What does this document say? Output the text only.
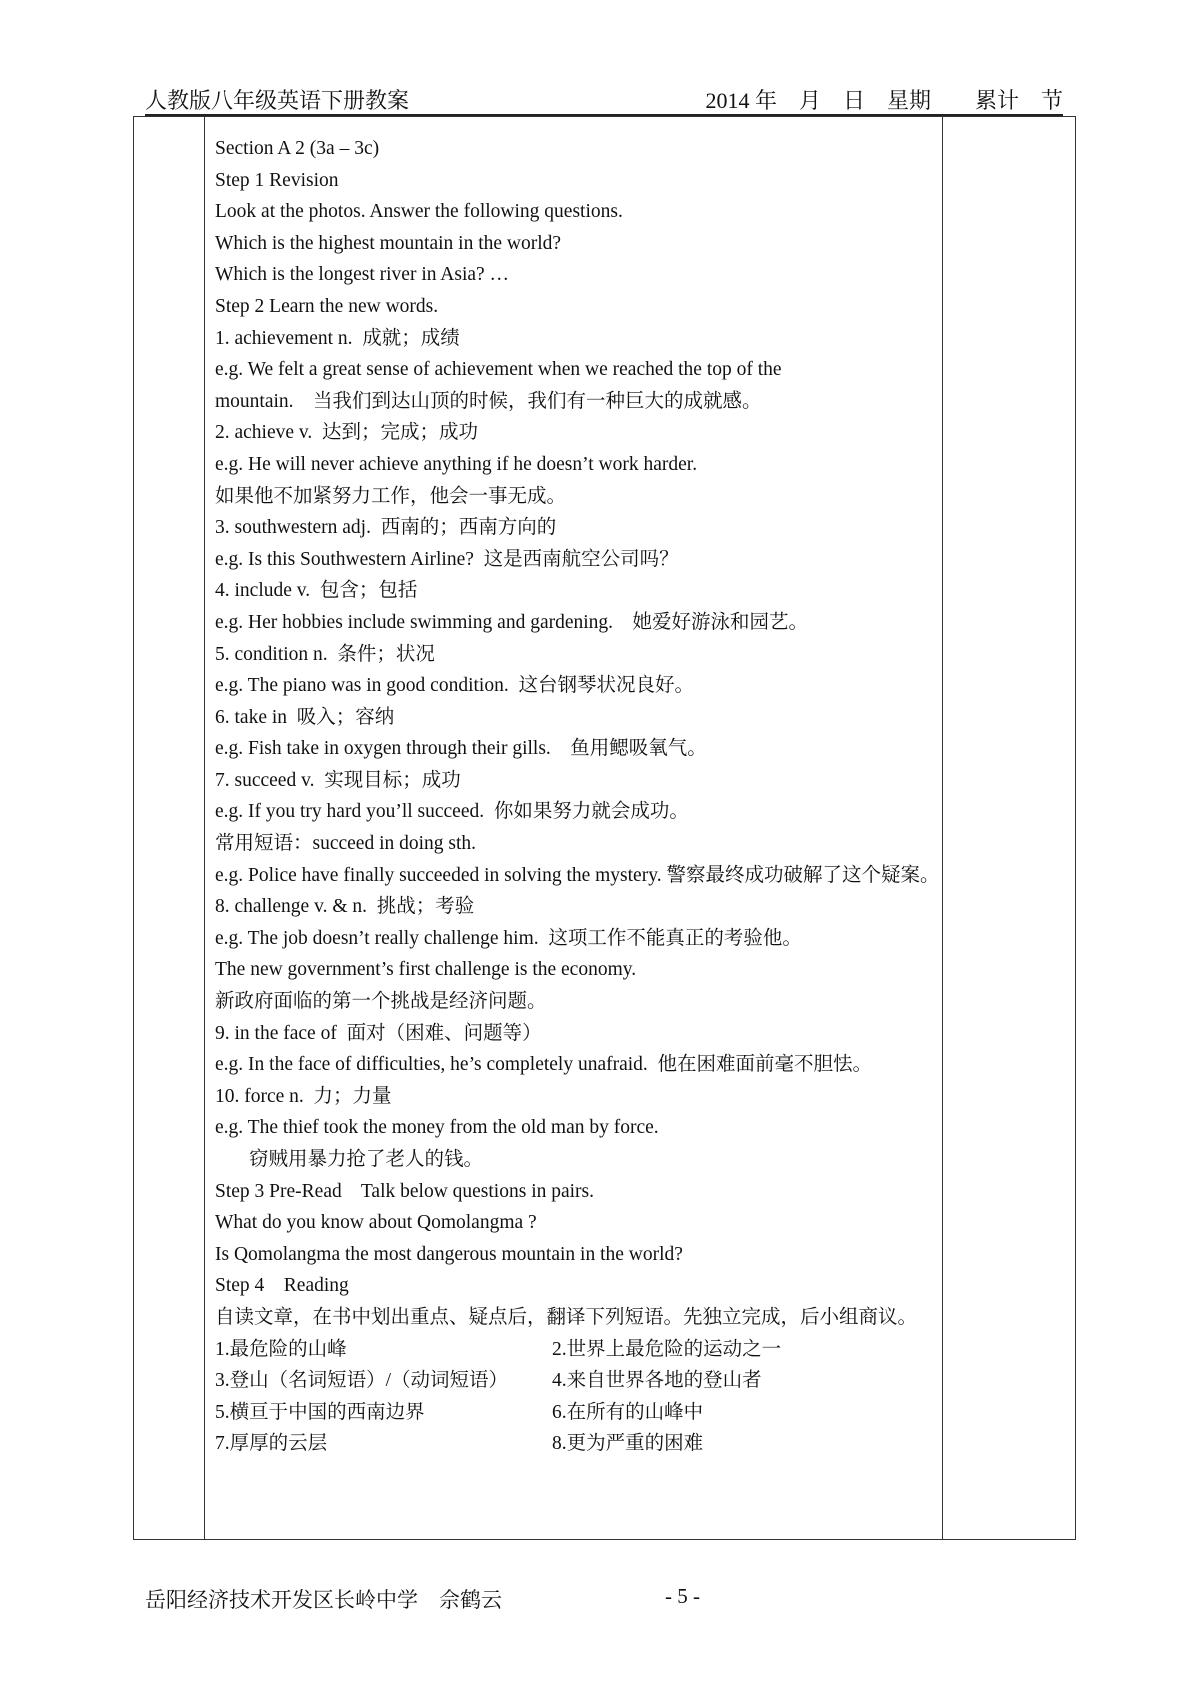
人教版八年级英语下册教案	2014 年    月    日    星期        累计    节
Section A 2 (3a – 3c)
Step 1 Revision
Look at the photos. Answer the following questions.
Which is the highest mountain in the world?
Which is the longest river in Asia? …
Step 2 Learn the new words.
1. achievement n.  成就；成绩
e.g. We felt a great sense of achievement when we reached the top of the
mountain.    当我们到达山顶的时候，我们有一种巨大的成就感。
2. achieve v.  达到；完成；成功
e.g. He will never achieve anything if he doesn’t work harder.
如果他不加紧努力工作，他会一事无成。
3. southwestern adj.  西南的；西南方向的
e.g. Is this Southwestern Airline?  这是西南航空公司吗？
4. include v.  包含；包括
e.g. Her hobbies include swimming and gardening.    她爱好游泳和园艺。
5. condition n.  条件；状况
e.g. The piano was in good condition.  这台钢琴状况良好。
6. take in  吸入；容纳
e.g. Fish take in oxygen through their gills.    鱼用鳃吸氧气。
7. succeed v.  实现目标；成功
e.g. If you try hard you’ll succeed.  你如果努力就会成功。
常用短语：succeed in doing sth.
e.g. Police have finally succeeded in solving the mystery. 警察最终成功破解了这个疑案。
8. challenge v. & n.  挑战；考验
e.g. The job doesn’t really challenge him.  这项工作不能真正的考验他。
The new government’s first challenge is the economy.
新政府面临的第一个挑战是经济问题。
9. in the face of  面对（困难、问题等）
e.g. In the face of difficulties, he’s completely unafraid.  他在困难面前毫不胆怯。
10. force n.  力；力量
e.g. The thief took the money from the old man by force.
窃贼用暴力抢了老人的钱。
Step 3 Pre-Read    Talk below questions in pairs.
What do you know about Qomolangma ?
Is Qomolangma the most dangerous mountain in the world?
Step 4    Reading
自读文章，在书中划出重点、疑点后，翻译下列短语。先独立完成，后小组商议。
1.最危险的山峰	2.世界上最危险的运动之一
3.登山（名词短语）/（动词短语）	4.来自世界各地的登山者
5.横亘于中国的西南边界	6.在所有的山峰中
7.厚厚的云层	8.更为严重的困难
岳阳经济技术开发区长岭中学    佘鹤云	- 5 -
